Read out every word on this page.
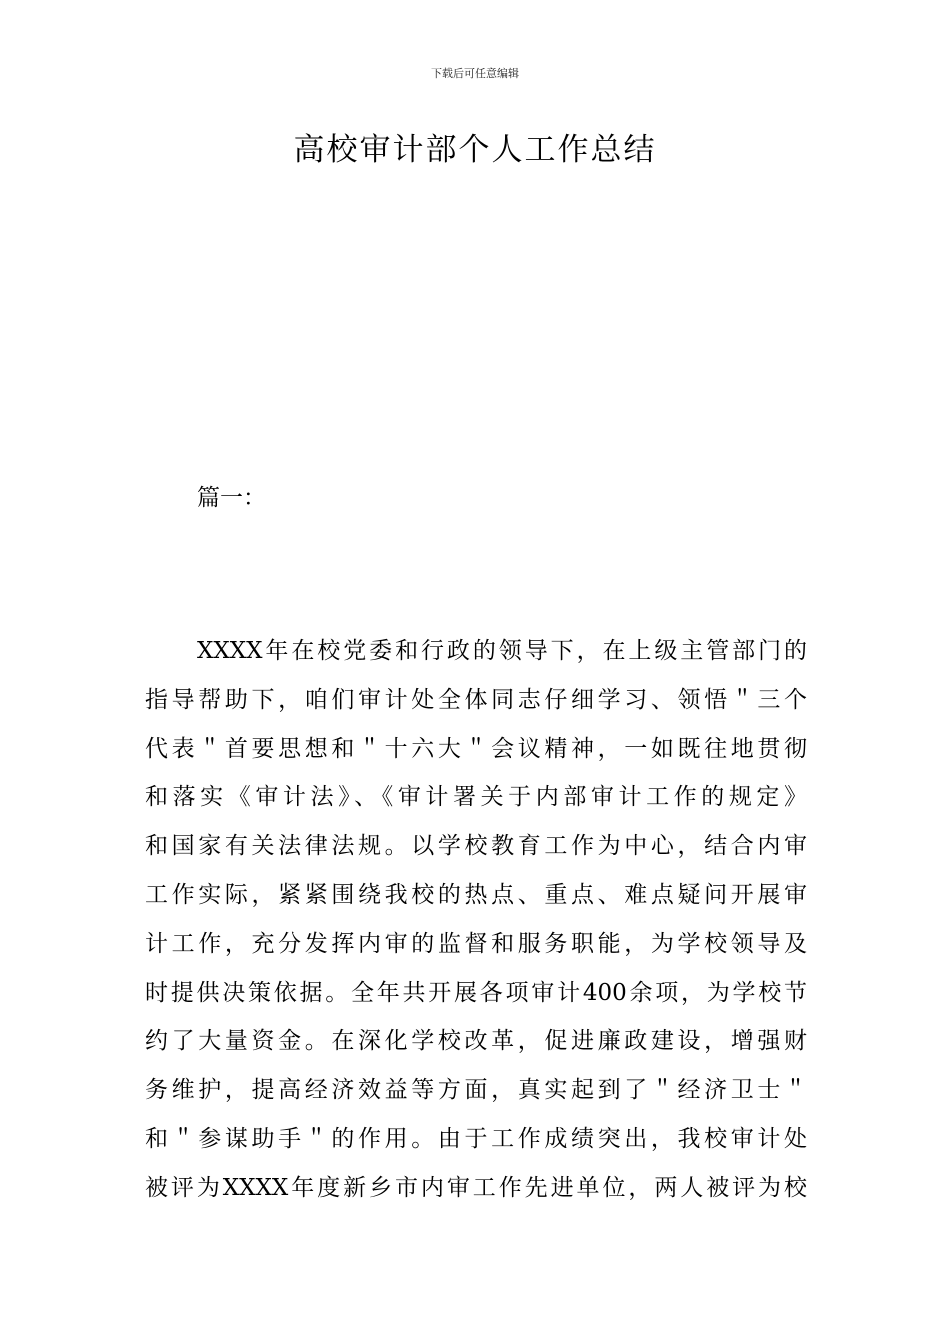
下载后可任意编辑
高校审计部个人工作总结

篇一：

XXXX年在校党委和行政的领导下，在上级主管部门的
指导帮助下，咱们审计处全体同志仔细学习、领悟＂三个
代表＂首要思想和＂十六大＂会议精神，一如既往地贯彻
和落实《审计法》、《审计署关于内部审计工作的规定》
和国家有关法律法规。以学校教育工作为中心，结合内审
工作实际，紧紧围绕我校的热点、重点、难点疑问开展审
计工作，充分发挥内审的监督和服务职能，为学校领导及
时提供决策依据。全年共开展各项审计400余项，为学校节
约了大量资金。在深化学校改革，促进廉政建设，增强财
务维护，提高经济效益等方面，真实起到了＂经济卫士＂
和＂参谋助手＂的作用。由于工作成绩突出，我校审计处
被评为XXXX年度新乡市内审工作先进单位，两人被评为校
